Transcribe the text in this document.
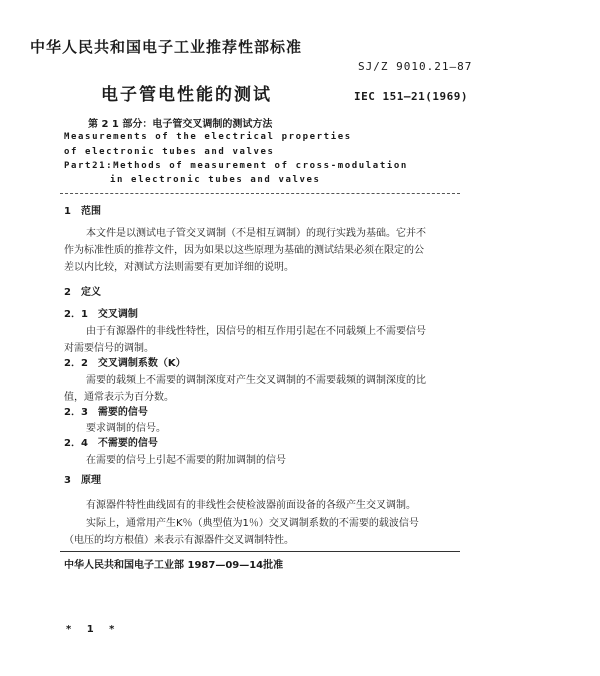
中华人民共和国电子工业推荐性部标准
SJ/Z 9010.21—87
电子管电性能的测试	IEC 151—21(1969)
第 2 1 部分：电子管交叉调制的测试方法
Measurements of the electrical properties
of electronic tubes and valves
Part21:Methods of measurement of cross-modulation
in electronic tubes and valves
1　范围
本文件是以测试电子管交叉调制（不是相互调制）的现行实践为基础。它并不
作为标准性质的推荐文件，因为如果以这些原理为基础的测试结果必须在限定的公
差以内比较，对测试方法则需要有更加详细的说明。
2　定义
2．1　交叉调制
由于有源器件的非线性特性，因信号的相互作用引起在不同载频上不需要信号
对需要信号的调制。
2．2　交叉调制系数（K）
需要的载频上不需要的调制深度对产生交叉调制的不需要载频的调制深度的比
值，通常表示为百分数。
2．3　需要的信号
要求调制的信号。
2．4　不需要的信号
在需要的信号上引起不需要的附加调制的信号
3　原理
有源器件特性曲线固有的非线性会使检波器前面设备的各级产生交叉调制。
实际上，通常用产生K％（典型值为1％）交叉调制系数的不需要的载波信号
（电压的均方根值）来表示有源器件交叉调制特性。
中华人民共和国电子工业部 1987—09—14批准
* 1 *
